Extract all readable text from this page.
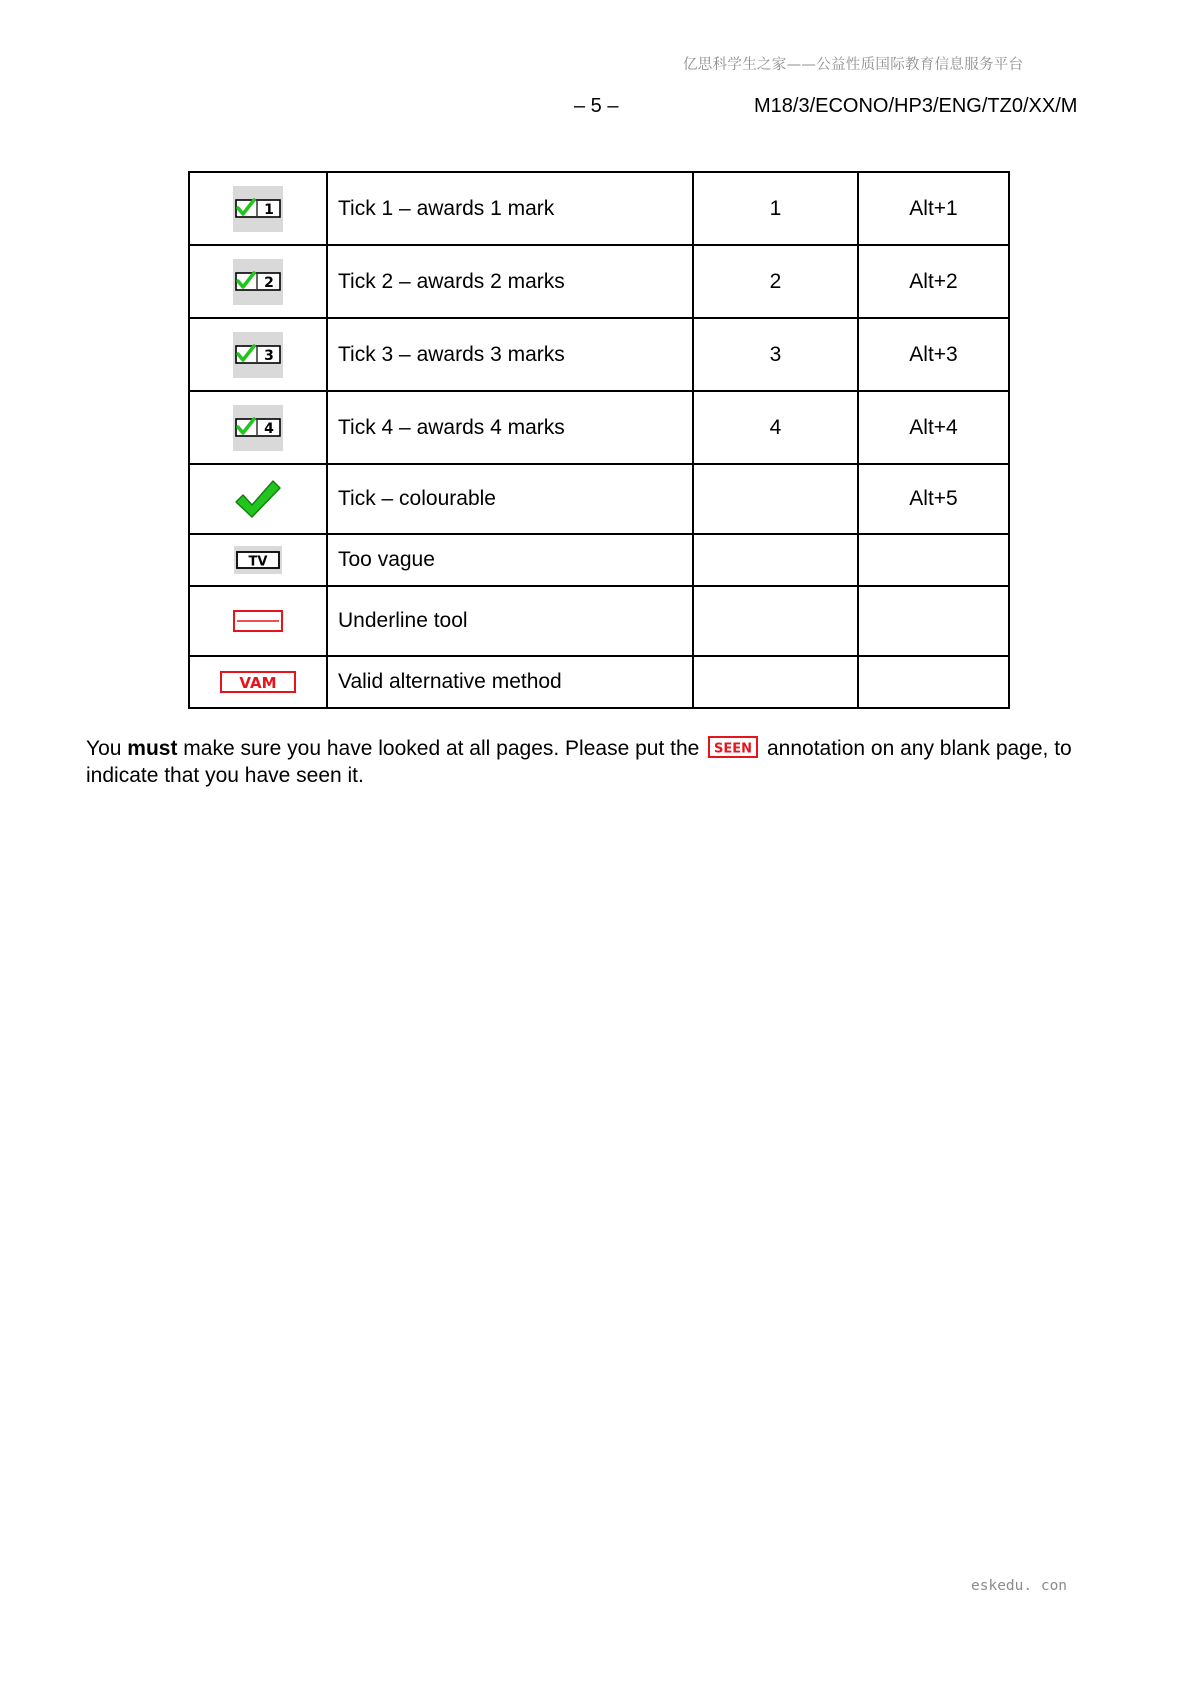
亿思科学生之家——公益性质国际教育信息服务平台
– 5 –	M18/3/ECONO/HP3/ENG/TZ0/XX/M
1	Tick 1 – awards 1 mark	1	Alt+1

2	Tick 2 – awards 2 marks	2	Alt+2

3	Tick 3 – awards 3 marks	3	Alt+3

4	Tick 4 – awards 4 marks	4	Alt+4
	Tick – colourable		Alt+5

TV	Too vague		
	Underline tool		

VAM	Valid alternative method		
You must make sure you have looked at all pages. Please put the SEEN annotation on any blank page, to indicate that you have seen it.
eskedu. con
